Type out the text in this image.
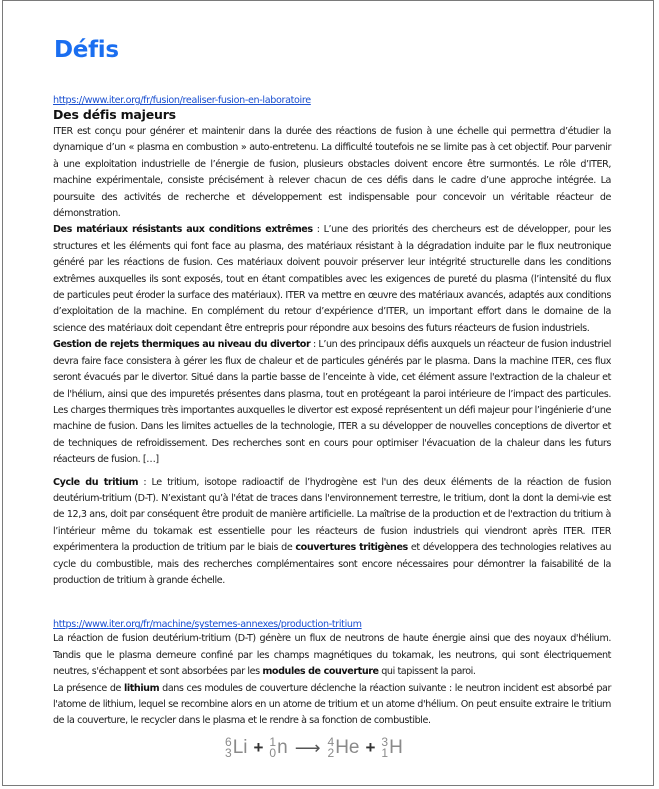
Défis
https://www.iter.org/fr/fusion/realiser-fusion-en-laboratoire
Des défis majeurs

ITER est conçu pour générer et maintenir dans la durée des réactions de fusion à une échelle qui permettra d’étudier la dynamique d’un « plasma en combustion » auto-entretenu. La difficulté toutefois ne se limite pas à cet objectif. Pour parvenir à une exploitation industrielle de l’énergie de fusion, plusieurs obstacles doivent encore être surmontés. Le rôle d’ITER, machine expérimentale, consiste précisément à relever chacun de ces défis dans le cadre d’une approche intégrée. La poursuite des activités de recherche et développement est indispensable pour concevoir un véritable réacteur de démonstration.

Des matériaux résistants aux conditions extrêmes : L’une des priorités des chercheurs est de développer, pour les structures et les éléments qui font face au plasma, des matériaux résistant à la dégradation induite par le flux neutronique généré par les réactions de fusion. Ces matériaux doivent pouvoir préserver leur intégrité structurelle dans les conditions extrêmes auxquelles ils sont exposés, tout en étant compatibles avec les exigences de pureté du plasma (l’intensité du flux de particules peut éroder la surface des matériaux). ITER va mettre en œuvre des matériaux avancés, adaptés aux conditions d’exploitation de la machine. En complément du retour d’expérience d’ITER, un important effort dans le domaine de la science des matériaux doit cependant être entrepris pour répondre aux besoins des futurs réacteurs de fusion industriels.

Gestion de rejets thermiques au niveau du divertor : L’un des principaux défis auxquels un réacteur de fusion industriel devra faire face consistera à gérer les flux de chaleur et de particules générés par le plasma. Dans la machine ITER, ces flux seront évacués par le divertor. Situé dans la partie basse de l’enceinte à vide, cet élément assure l'extraction de la chaleur et de l'hélium, ainsi que des impuretés présentes dans plasma, tout en protégeant la paroi intérieure de l’impact des particules. Les charges thermiques très importantes auxquelles le divertor est exposé représentent un défi majeur pour l’ingénierie d’une machine de fusion. Dans les limites actuelles de la technologie, ITER a su développer de nouvelles conceptions de divertor et de techniques de refroidissement. Des recherches sont en cours pour optimiser l'évacuation de la chaleur dans les futurs réacteurs de fusion. […]

Cycle du tritium : Le tritium, isotope radioactif de l’hydrogène est l'un des deux éléments de la réaction de fusion deutérium-tritium (D-T). N’existant qu’à l'état de traces dans l'environnement terrestre, le tritium, dont la dont la demi-vie est de 12,3 ans, doit par conséquent être produit de manière artificielle. La maîtrise de la production et de l'extraction du tritium à l’intérieur même du tokamak est essentielle pour les réacteurs de fusion industriels qui viendront après ITER. ITER expérimentera la production de tritium par le biais de couvertures tritigènes et développera des technologies relatives au cycle du combustible, mais des recherches complémentaires sont encore nécessaires pour démontrer la faisabilité de la production de tritium à grande échelle.

https://www.iter.org/fr/machine/systemes-annexes/production-tritium

La réaction de fusion deutérium-tritium (D-T) génère un flux de neutrons de haute énergie ainsi que des noyaux d'hélium. Tandis que le plasma demeure confiné par les champs magnétiques du tokamak, les neutrons, qui sont électriquement neutres, s'échappent et sont absorbées par les modules de couverture qui tapissent la paroi.

La présence de lithium dans ces modules de couverture déclenche la réaction suivante : le neutron incident est absorbé par l'atome de lithium, lequel se recombine alors en un atome de tritium et un atome d'hélium. On peut ensuite extraire le tritium de la couverture, le recycler dans le plasma et le rendre à sa fonction de combustible.

6
3 Li + 1
0 n ⟶ 4
2 He + 3
1 H
